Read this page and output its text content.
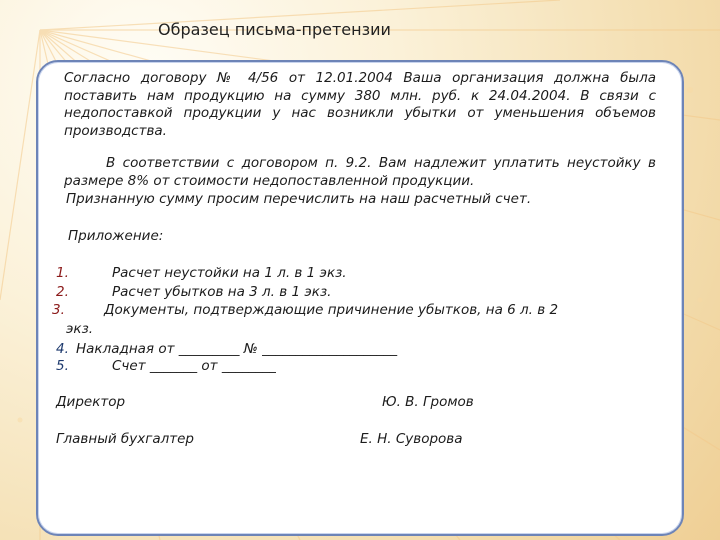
Образец письма-претензии
Согласно договору № 4/56 от 12.01.2004 Ваша организация должна была поставить нам продукцию на сумму 380 млн. руб. к 24.04.2004. В связи с недопоставкой продукции у нас возникли убытки от уменьшения объемов производства.
В соответствии с договором п. 9.2. Вам надлежит уплатить неустойку в размере 8% от стоимости недопоставленной продукции.
Признанную сумму просим перечислить на наш расчетный счет.
Приложение:
1.	Расчет неустойки на 1 л. в 1 экз.
2.	Расчет убытков на 3 л. в 1 экз.
3.	Документы, подтверждающие причинение убытков, на 6 л. в 2
экз.
4. Накладная от _________ № ____________________
5.	Счет _______ от ________
Директор	Ю. В. Громов
Главный бухгалтер	Е. Н. Суворова
